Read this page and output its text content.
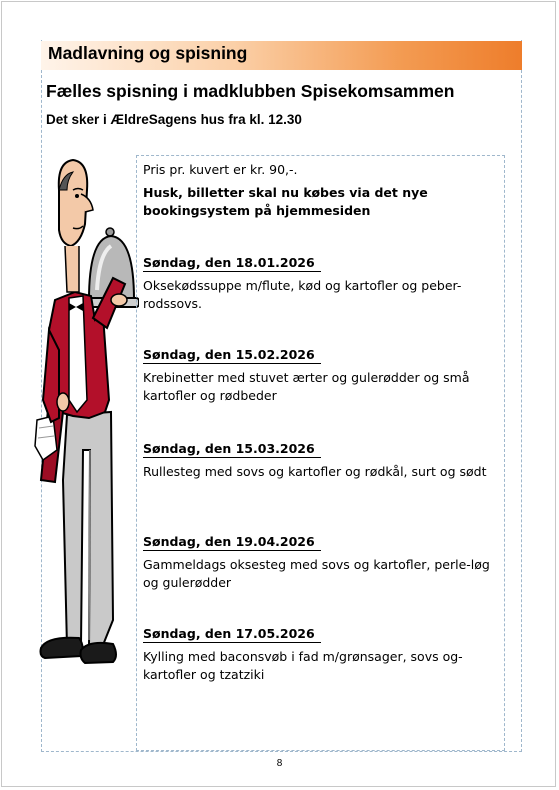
Madlavning og spisning
Fælles spisning i madklubben Spisekomsammen
Det sker i ÆldreSagens hus fra kl. 12.30

Pris pr. kuvert er kr. 90,-.

Husk, billetter skal nu købes via det nye bookingsystem på hjemmesiden

Søndag, den 18.01.2026
Oksekødssuppe m/flute, kød og kartofler og peber-rodssovs.
Søndag, den 15.02.2026
Krebinetter med stuvet ærter og gulerødder og små kartofler og rødbeder
Søndag, den 15.03.2026
Rullesteg med sovs og kartofler og rødkål, surt og sødt
Søndag, den 19.04.2026
Gammeldags oksesteg med sovs og kartofler, perle-løg og gulerødder
Søndag, den 17.05.2026
Kylling med baconsvøb i fad m/grønsager, sovs og-kartofler og tzatziki
8
